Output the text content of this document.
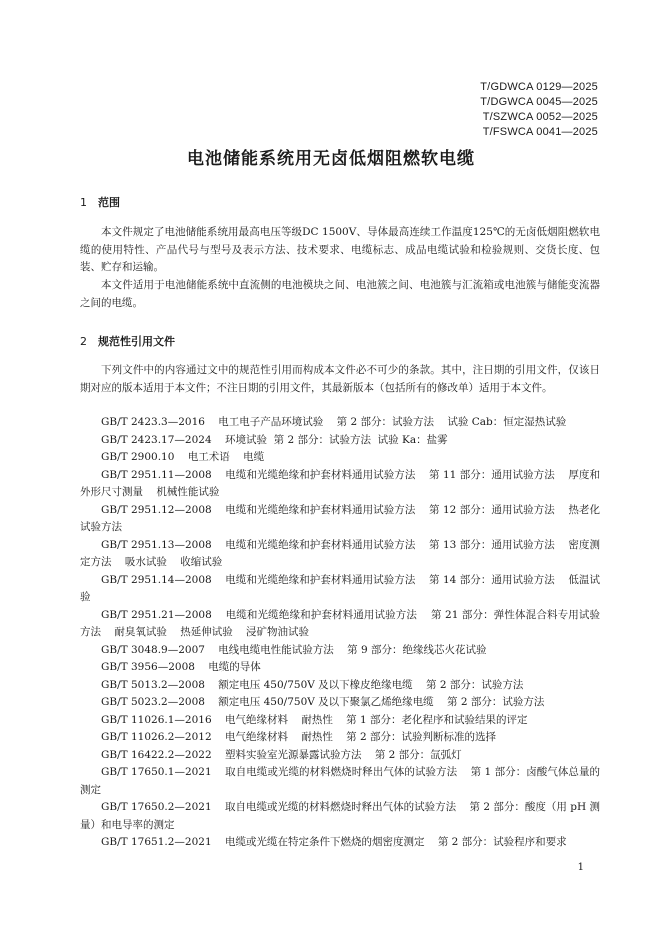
T/GDWCA 0129—2025
T/DGWCA 0045—2025
T/SZWCA 0052—2025
T/FSWCA 0041—2025
电池储能系统用无卤低烟阻燃软电缆
1 范围

本文件规定了电池储能系统用最高电压等级DC 1500V、导体最高连续工作温度125℃的无卤低烟阻燃软电缆的使用特性、产品代号与型号及表示方法、技术要求、电缆标志、成品电缆试验和检验规则、交货长度、包装、贮存和运输。

本文件适用于电池储能系统中直流侧的电池模块之间、电池簇之间、电池簇与汇流箱或电池簇与储能变流器之间的电缆。

2 规范性引用文件

下列文件中的内容通过文中的规范性引用而构成本文件必不可少的条款。其中，注日期的引用文件，仅该日期对应的版本适用于本文件；不注日期的引用文件，其最新版本（包括所有的修改单）适用于本文件。

GB/T 2423.3—2016    电工电子产品环境试验    第 2 部分：试验方法    试验 Cab：恒定湿热试验
GB/T 2423.17—2024    环境试验  第 2 部分：试验方法  试验 Ka：盐雾
GB/T 2900.10    电工术语    电缆
GB/T 2951.11—2008    电缆和光缆绝缘和护套材料通用试验方法    第 11 部分：通用试验方法    厚度和外形尺寸测量    机械性能试验
GB/T 2951.12—2008    电缆和光缆绝缘和护套材料通用试验方法    第 12 部分：通用试验方法    热老化试验方法
GB/T 2951.13—2008    电缆和光缆绝缘和护套材料通用试验方法    第 13 部分：通用试验方法    密度测定方法    吸水试验    收缩试验
GB/T 2951.14—2008    电缆和光缆绝缘和护套材料通用试验方法    第 14 部分：通用试验方法    低温试验
GB/T 2951.21—2008    电缆和光缆绝缘和护套材料通用试验方法    第 21 部分：弹性体混合料专用试验方法    耐臭氧试验    热延伸试验    浸矿物油试验
GB/T 3048.9—2007    电线电缆电性能试验方法    第 9 部分：绝缘线芯火花试验
GB/T 3956—2008    电缆的导体
GB/T 5013.2—2008    额定电压 450/750V 及以下橡皮绝缘电缆    第 2 部分：试验方法
GB/T 5023.2—2008    额定电压 450/750V 及以下聚氯乙烯绝缘电缆    第 2 部分：试验方法
GB/T 11026.1—2016    电气绝缘材料    耐热性    第 1 部分：老化程序和试验结果的评定
GB/T 11026.2—2012    电气绝缘材料    耐热性    第 2 部分：试验判断标准的选择
GB/T 16422.2—2022    塑料实验室光源暴露试验方法    第 2 部分：氙弧灯
GB/T 17650.1—2021    取自电缆或光缆的材料燃烧时释出气体的试验方法    第 1 部分：卤酸气体总量的测定
GB/T 17650.2—2021    取自电缆或光缆的材料燃烧时释出气体的试验方法    第 2 部分：酸度（用 pH 测量）和电导率的测定
GB/T 17651.2—2021    电缆或光缆在特定条件下燃烧的烟密度测定    第 2 部分：试验程序和要求
1
